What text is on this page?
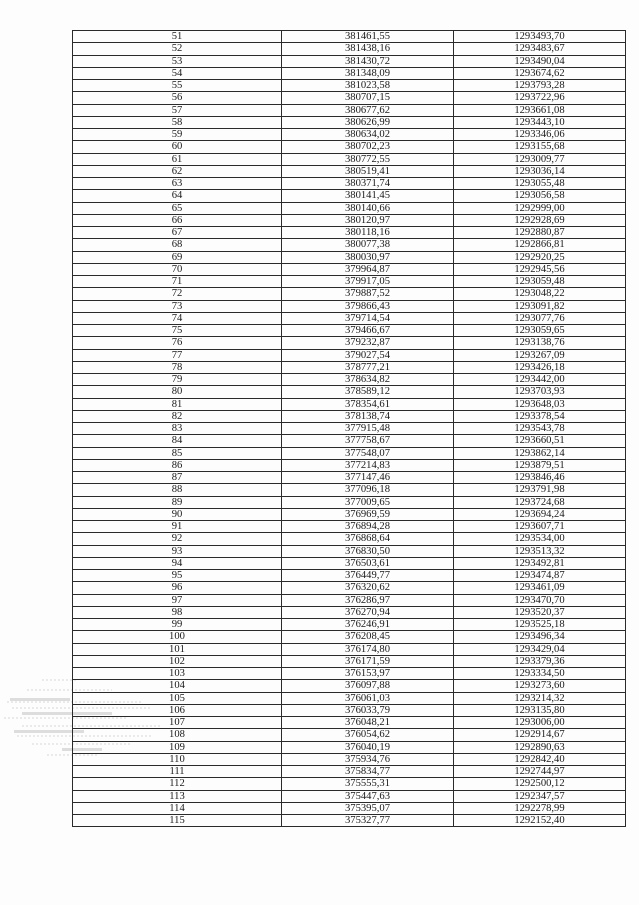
51	381461,55	1293493,70
52	381438,16	1293483,67
53	381430,72	1293490,04
54	381348,09	1293674,62
55	381023,58	1293793,28
56	380707,15	1293722,96
57	380677,62	1293661,08
58	380626,99	1293443,10
59	380634,02	1293346,06
60	380702,23	1293155,68
61	380772,55	1293009,77
62	380519,41	1293036,14
63	380371,74	1293055,48
64	380141,45	1293056,58
65	380140,66	1292999,00
66	380120,97	1292928,69
67	380118,16	1292880,87
68	380077,38	1292866,81
69	380030,97	1292920,25
70	379964,87	1292945,56
71	379917,05	1293059,48
72	379887,52	1293048,22
73	379866,43	1293091,82
74	379714,54	1293077,76
75	379466,67	1293059,65
76	379232,87	1293138,76
77	379027,54	1293267,09
78	378777,21	1293426,18
79	378634,82	1293442,00
80	378589,12	1293703,93
81	378354,61	1293648,03
82	378138,74	1293378,54
83	377915,48	1293543,78
84	377758,67	1293660,51
85	377548,07	1293862,14
86	377214,83	1293879,51
87	377147,46	1293846,46
88	377096,18	1293791,98
89	377009,65	1293724,68
90	376969,59	1293694,24
91	376894,28	1293607,71
92	376868,64	1293534,00
93	376830,50	1293513,32
94	376503,61	1293492,81
95	376449,77	1293474,87
96	376320,62	1293461,09
97	376286,97	1293470,70
98	376270,94	1293520,37
99	376246,91	1293525,18
100	376208,45	1293496,34
101	376174,80	1293429,04
102	376171,59	1293379,36
103	376153,97	1293334,50
104	376097,88	1293273,60
105	376061,03	1293214,32
106	376033,79	1293135,80
107	376048,21	1293006,00
108	376054,62	1292914,67
109	376040,19	1292890,63
110	375934,76	1292842,40
111	375834,77	1292744,97
112	375555,31	1292500,12
113	375447,63	1292347,57
114	375395,07	1292278,99
115	375327,77	1292152,40
